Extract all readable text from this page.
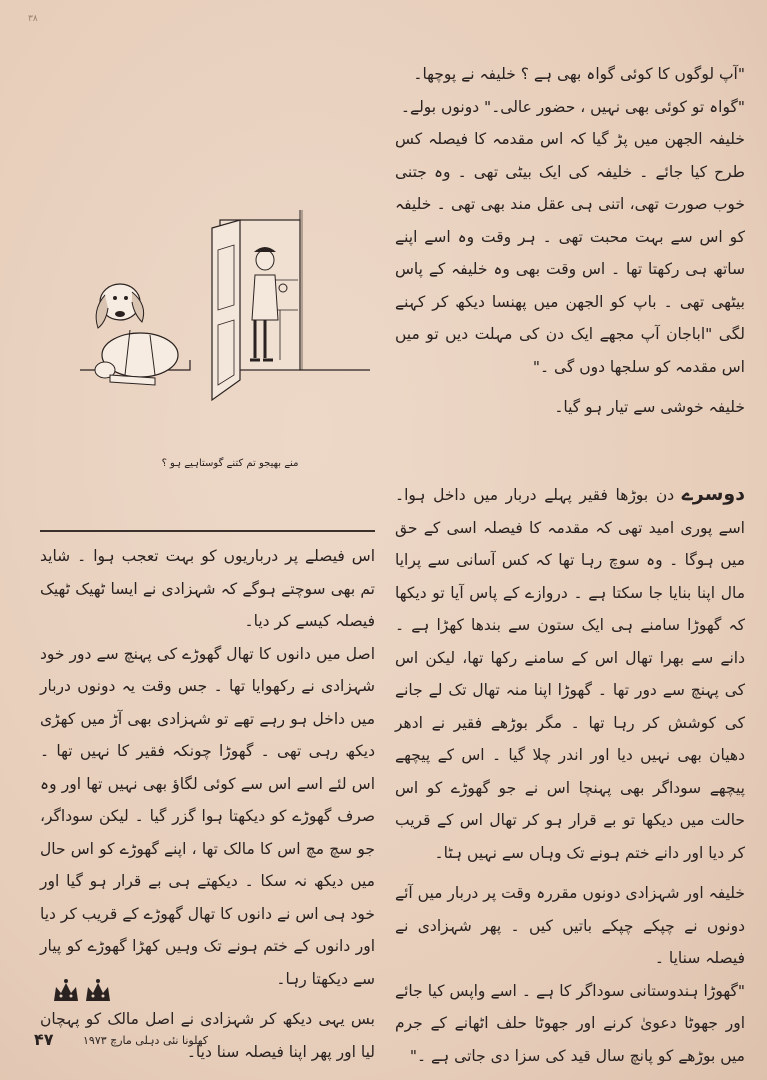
۳۸

"آپ لوگوں کا کوئی گواہ بھی ہے ؟ خلیفہ نے پوچھا۔

"گواہ تو کوئی بھی نہیں ، حضور عالی۔" دونوں بولے۔

خلیفہ الجھن میں پڑ گیا کہ اس مقدمہ کا فیصلہ کس طرح کیا جائے ۔ خلیفہ کی ایک بیٹی تھی ۔ وہ جتنی خوب صورت تھی، اتنی ہی عقل مند بھی تھی ۔ خلیفہ کو اس سے بہت محبت تھی ۔ ہر وقت وہ اسے اپنے ساتھ ہی رکھتا تھا ۔ اس وقت بھی وہ خلیفہ کے پاس بیٹھی تھی ۔ باپ کو الجھن میں پھنسا دیکھ کر کہنے لگی "اباجان آپ مجھے ایک دن کی مہلت دیں تو میں اس مقدمہ کو سلجھا دوں گی ۔"

خلیفہ خوشی سے تیار ہو گیا۔

منے بھیجو تم کتنے گوستاہیے ہو ؟

دوسرے دن بوڑھا فقیر پہلے دربار میں داخل ہوا۔ اسے پوری امید تھی کہ مقدمہ کا فیصلہ اسی کے حق میں ہوگا ۔ وہ سوچ رہا تھا کہ کس آسانی سے پرایا مال اپنا بنایا جا سکتا ہے ۔ دروازے کے پاس آیا تو دیکھا کہ گھوڑا سامنے ہی ایک ستون سے بندھا کھڑا ہے ۔ دانے سے بھرا تھال اس کے سامنے رکھا تھا، لیکن اس کی پہنچ سے دور تھا ۔ گھوڑا اپنا منہ تھال تک لے جانے کی کوشش کر رہا تھا ۔ مگر بوڑھے فقیر نے ادھر دھیان بھی نہیں دیا اور اندر چلا گیا ۔ اس کے پیچھے پیچھے سوداگر بھی پہنچا اس نے جو گھوڑے کو اس حالت میں دیکھا تو بے قرار ہو کر تھال اس کے قریب کر دیا اور دانے ختم ہونے تک وہاں سے نہیں ہٹا۔

خلیفہ اور شہزادی دونوں مقررہ وقت پر دربار میں آئے دونوں نے چپکے چپکے باتیں کیں ۔ پھر شہزادی نے فیصلہ سنایا ۔

"گھوڑا ہندوستانی سوداگر کا ہے ۔ اسے واپس کیا جائے اور جھوٹا دعویٰ کرنے اور جھوٹا حلف اٹھانے کے جرم میں بوڑھے کو پانچ سال قید کی سزا دی جاتی ہے ۔"

اس فیصلے پر درباریوں کو بہت تعجب ہوا ۔ شاید تم بھی سوچتے ہوگے کہ شہزادی نے ایسا ٹھیک ٹھیک فیصلہ کیسے کر دیا۔

اصل میں دانوں کا تھال گھوڑے کی پہنچ سے دور خود شہزادی نے رکھوایا تھا ۔ جس وقت یہ دونوں دربار میں داخل ہو رہے تھے تو شہزادی بھی آڑ میں کھڑی دیکھ رہی تھی ۔ گھوڑا چونکہ فقیر کا نہیں تھا ۔ اس لئے اسے اس سے کوئی لگاؤ بھی نہیں تھا اور وہ صرف گھوڑے کو دیکھتا ہوا گزر گیا ۔ لیکن سوداگر، جو سچ مچ اس کا مالک تھا ، اپنے گھوڑے کو اس حال میں دیکھ نہ سکا ۔ دیکھتے ہی بے قرار ہو گیا اور خود ہی اس نے دانوں کا تھال گھوڑے کے قریب کر دیا اور دانوں کے ختم ہونے تک وہیں کھڑا گھوڑے کو پیار سے دیکھتا رہا۔

بس یہی دیکھ کر شہزادی نے اصل مالک کو پہچان لیا اور پھر اپنا فیصلہ سنا دیا۔

۴۷	کھلونا نئی دہلی مارچ ۱۹۷۳
